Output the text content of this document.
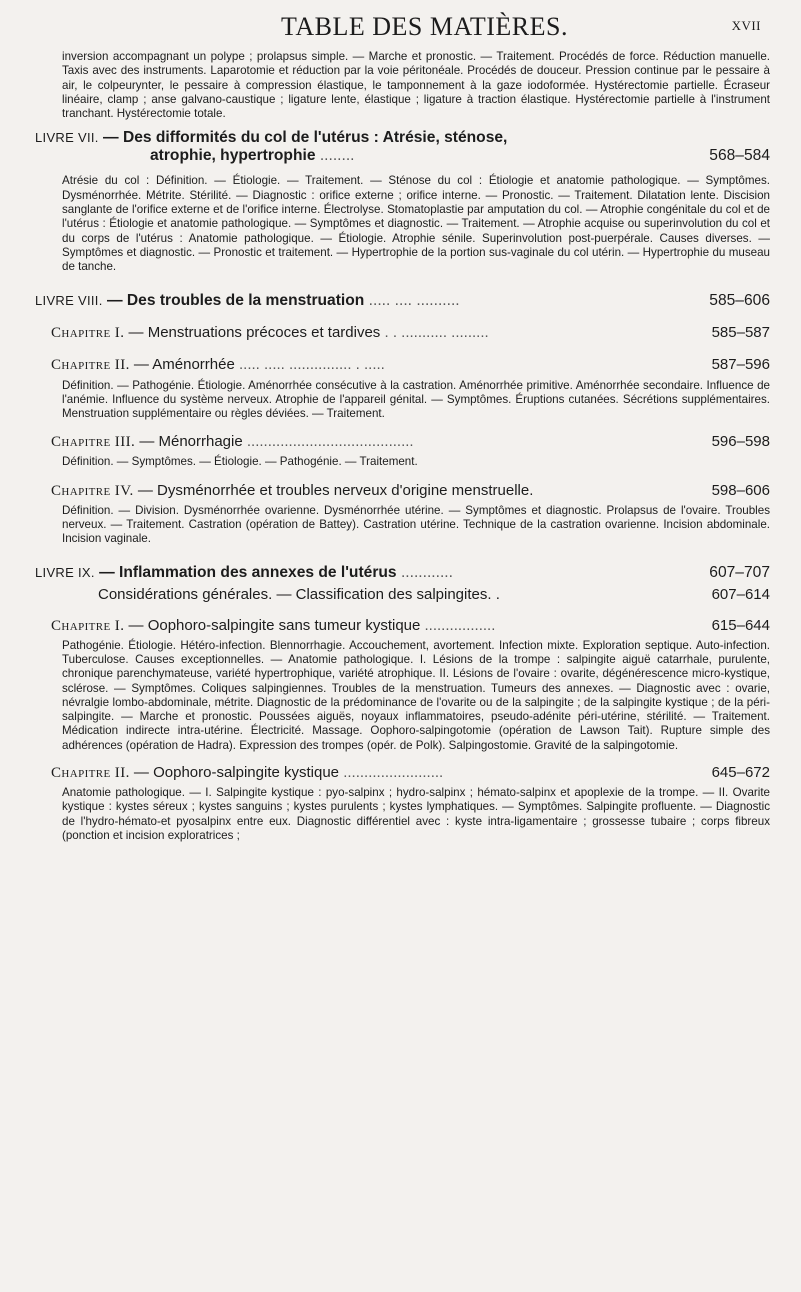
TABLE DES MATIÈRES.	XVII

inversion accompagnant un polype ; prolapsus simple. — Marche et pronostic. — Traitement. Procédés de force. Réduction manuelle. Taxis avec des instruments. Laparotomie et réduction par la voie péritonéale. Procédés de douceur. Pression continue par le pessaire à air, le colpeurynter, le pessaire à compression élastique, le tamponnement à la gaze iodoformée. Hystérectomie partielle. Écraseur linéaire, clamp ; anse galvano-caustique ; ligature lente, élastique ; ligature à traction élastique. Hystérectomie partielle à l'instrument tranchant. Hystérectomie totale.

LIVRE VII. — Des difformités du col de l'utérus : Atrésie, sténose,

atrophie, hypertrophie ........	568–584

Atrésie du col : Définition. — Étiologie. — Traitement. — Sténose du col : Étiologie et anatomie pathologique. — Symptômes. Dysménorrhée. Métrite. Stérilité. — Diagnostic : orifice externe ; orifice interne. — Pronostic. — Traitement. Dilatation lente. Discision sanglante de l'orifice externe et de l'orifice interne. Électrolyse. Stomatoplastie par amputation du col. — Atrophie congénitale du col et de l'utérus : Étiologie et anatomie pathologique. — Symptômes et diagnostic. — Traitement. — Atrophie acquise ou superinvolution du col et du corps de l'utérus : Anatomie pathologique. — Étiologie. Atrophie sénile. Superinvolution post-puerpérale. Causes diverses. — Symptômes et diagnostic. — Pronostic et traitement. — Hypertrophie de la portion sus-vaginale du col utérin. — Hypertrophie du museau de tanche.

LIVRE VIII. — Des troubles de la menstruation ..... .... ..........	585–606

Chapitre I. — Menstruations précoces et tardives . . ........... .........	585–587

Chapitre II. — Aménorrhée ..... ..... ............... . .....	587–596

Définition. — Pathogénie. Étiologie. Aménorrhée consécutive à la castration. Aménorrhée primitive. Aménorrhée secondaire. Influence de l'anémie. Influence du système nerveux. Atrophie de l'appareil génital. — Symptômes. Éruptions cutanées. Sécrétions supplémentaires. Menstruation supplémentaire ou règles déviées. — Traitement.

Chapitre III. — Ménorrhagie ........................................	596–598

Définition. — Symptômes. — Étiologie. — Pathogénie. — Traitement.

Chapitre IV. — Dysménorrhée et troubles nerveux d'origine menstruelle.	598–606

Définition. — Division. Dysménorrhée ovarienne. Dysménorrhée utérine. — Symptômes et diagnostic. Prolapsus de l'ovaire. Troubles nerveux. — Traitement. Castration (opération de Battey). Castration utérine. Technique de la castration ovarienne. Incision abdominale. Incision vaginale.

LIVRE IX. — Inflammation des annexes de l'utérus ............	607–707

Considérations générales. — Classification des salpingites. .	607–614

Chapitre I. — Oophoro-salpingite sans tumeur kystique .................	615–644

Pathogénie. Étiologie. Hétéro-infection. Blennorrhagie. Accouchement, avortement. Infection mixte. Exploration septique. Auto-infection. Tuberculose. Causes exceptionnelles. — Anatomie pathologique. I. Lésions de la trompe : salpingite aiguë catarrhale, purulente, chronique parenchymateuse, variété hypertrophique, variété atrophique. II. Lésions de l'ovaire : ovarite, dégénérescence micro-kystique, sclérose. — Symptômes. Coliques salpingiennes. Troubles de la menstruation. Tumeurs des annexes. — Diagnostic avec : ovarie, névralgie lombo-abdominale, métrite. Diagnostic de la prédominance de l'ovarite ou de la salpingite ; de la salpingite kystique ; de la péri-salpingite. — Marche et pronostic. Poussées aiguës, noyaux inflammatoires, pseudo-adénite péri-utérine, stérilité. — Traitement. Médication indirecte intra-utérine. Électricité. Massage. Oophoro-salpingotomie (opération de Lawson Tait). Rupture simple des adhérences (opération de Hadra). Expression des trompes (opér. de Polk). Salpingostomie. Gravité de la salpingotomie.

Chapitre II. — Oophoro-salpingite kystique ........................	645–672

Anatomie pathologique. — I. Salpingite kystique : pyo-salpinx ; hydro-salpinx ; hémato-salpinx et apoplexie de la trompe. — II. Ovarite kystique : kystes séreux ; kystes sanguins ; kystes purulents ; kystes lymphatiques. — Symptômes. Salpingite profluente. — Diagnostic de l'hydro-hémato-et pyosalpinx entre eux. Diagnostic différentiel avec : kyste intra-ligamentaire ; grossesse tubaire ; corps fibreux (ponction et incision exploratrices ;
